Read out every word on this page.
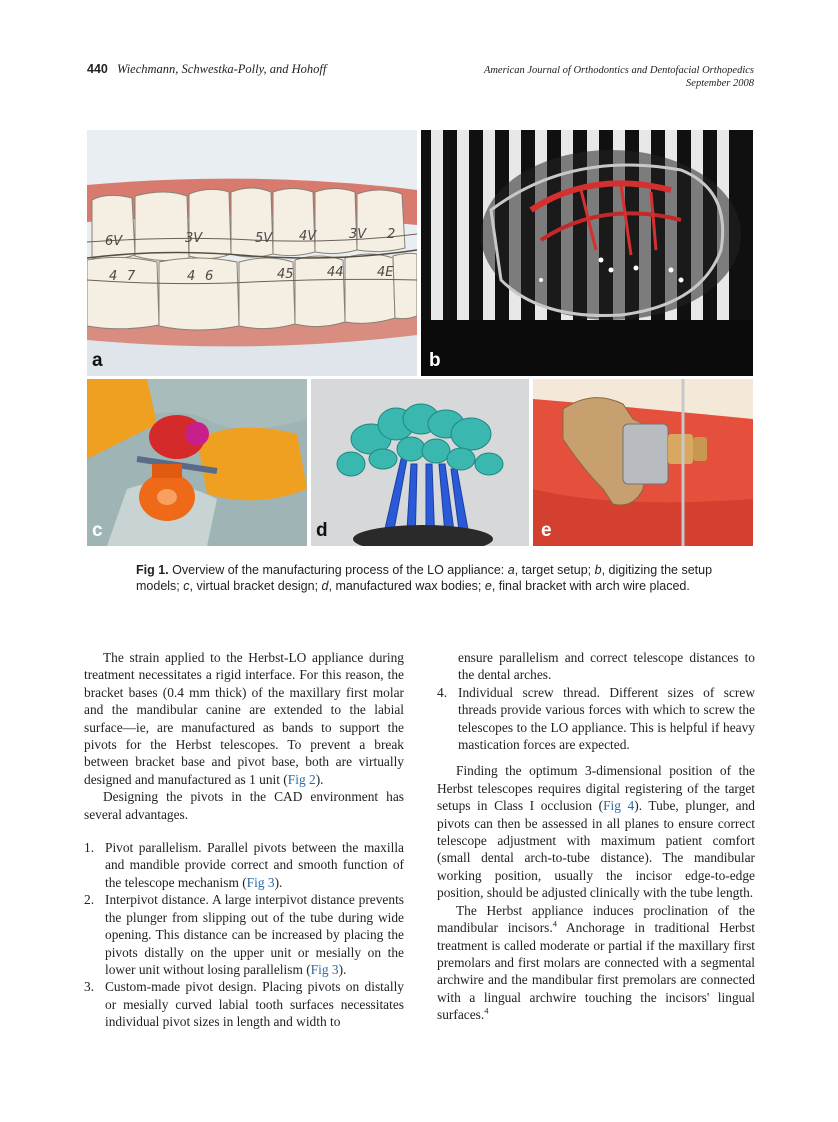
440 Wiechmann, Schwestka-Polly, and Hohoff	American Journal of Orthodontics and Dentofacial Orthopedics
September 2008
6V	3V	5V 4V	3V 2
4 7	4 6	45	44	4E
a	b
c	d	e
Fig 1. Overview of the manufacturing process of the LO appliance: a, target setup; b, digitizing the setup models; c, virtual bracket design; d, manufactured wax bodies; e, final bracket with arch wire placed.

The strain applied to the Herbst-LO appliance during treatment necessitates a rigid interface. For this reason, the bracket bases (0.4 mm thick) of the maxillary first molar and the mandibular canine are extended to the labial surface—ie, are manufactured as bands to support the pivots for the Herbst telescopes. To prevent a break between bracket base and pivot base, both are virtually designed and manufactured as 1 unit (Fig 2).

Designing the pivots in the CAD environment has several advantages.

1. Pivot parallelism. Parallel pivots between the maxilla and mandible provide correct and smooth function of the telescope mechanism (Fig 3).
2. Interpivot distance. A large interpivot distance prevents the plunger from slipping out of the tube during wide opening. This distance can be increased by placing the pivots distally on the upper unit or mesially on the lower unit without losing parallelism (Fig 3).
3. Custom-made pivot design. Placing pivots on distally or mesially curved labial tooth surfaces necessitates individual pivot sizes in length and width to
ensure parallelism and correct telescope distances to the dental arches.
4. Individual screw thread. Different sizes of screw threads provide various forces with which to screw the telescopes to the LO appliance. This is helpful if heavy mastication forces are expected.

Finding the optimum 3-dimensional position of the Herbst telescopes requires digital registering of the target setups in Class I occlusion (Fig 4). Tube, plunger, and pivots can then be assessed in all planes to ensure correct telescope adjustment with maximum patient comfort (small dental arch-to-tube distance). The mandibular working position, usually the incisor edge-to-edge position, should be adjusted clinically with the tube length.

The Herbst appliance induces proclination of the mandibular incisors.$^4$ Anchorage in traditional Herbst treatment is called moderate or partial if the maxillary first premolars and first molars are connected with a segmental archwire and the mandibular first premolars are connected with a lingual archwire touching the incisors' lingual surfaces.$^4$
